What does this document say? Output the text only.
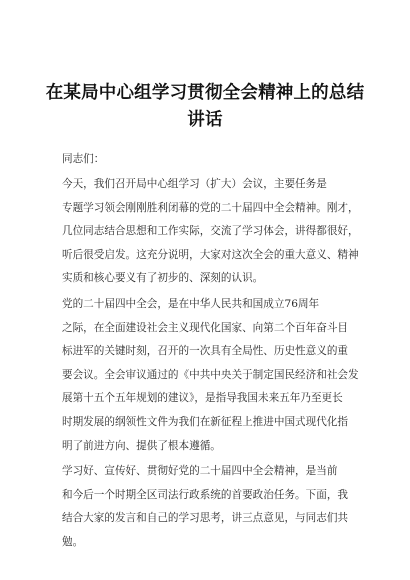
在某局中心组学习贯彻全会精神上的总结
讲话
同志们：
今天，我们召开局中心组学习（扩大）会议，主要任务是
专题学习领会刚刚胜利闭幕的党的二十届四中全会精神。刚才，
几位同志结合思想和工作实际，交流了学习体会，讲得都很好，
听后很受启发。这充分说明，大家对这次全会的重大意义、精神
实质和核心要义有了初步的、深刻的认识。
党的二十届四中全会，是在中华人民共和国成立76周年
之际，在全面建设社会主义现代化国家、向第二个百年奋斗目
标进军的关键时刻，召开的一次具有全局性、历史性意义的重
要会议。全会审议通过的《中共中央关于制定国民经济和社会发
展第十五个五年规划的建议》，是指导我国未来五年乃至更长
时期发展的纲领性文件为我们在新征程上推进中国式现代化指
明了前进方向、提供了根本遵循。
学习好、宣传好、贯彻好党的二十届四中全会精神，是当前
和今后一个时期全区司法行政系统的首要政治任务。下面，我
结合大家的发言和自己的学习思考，讲三点意见，与同志们共
勉。
